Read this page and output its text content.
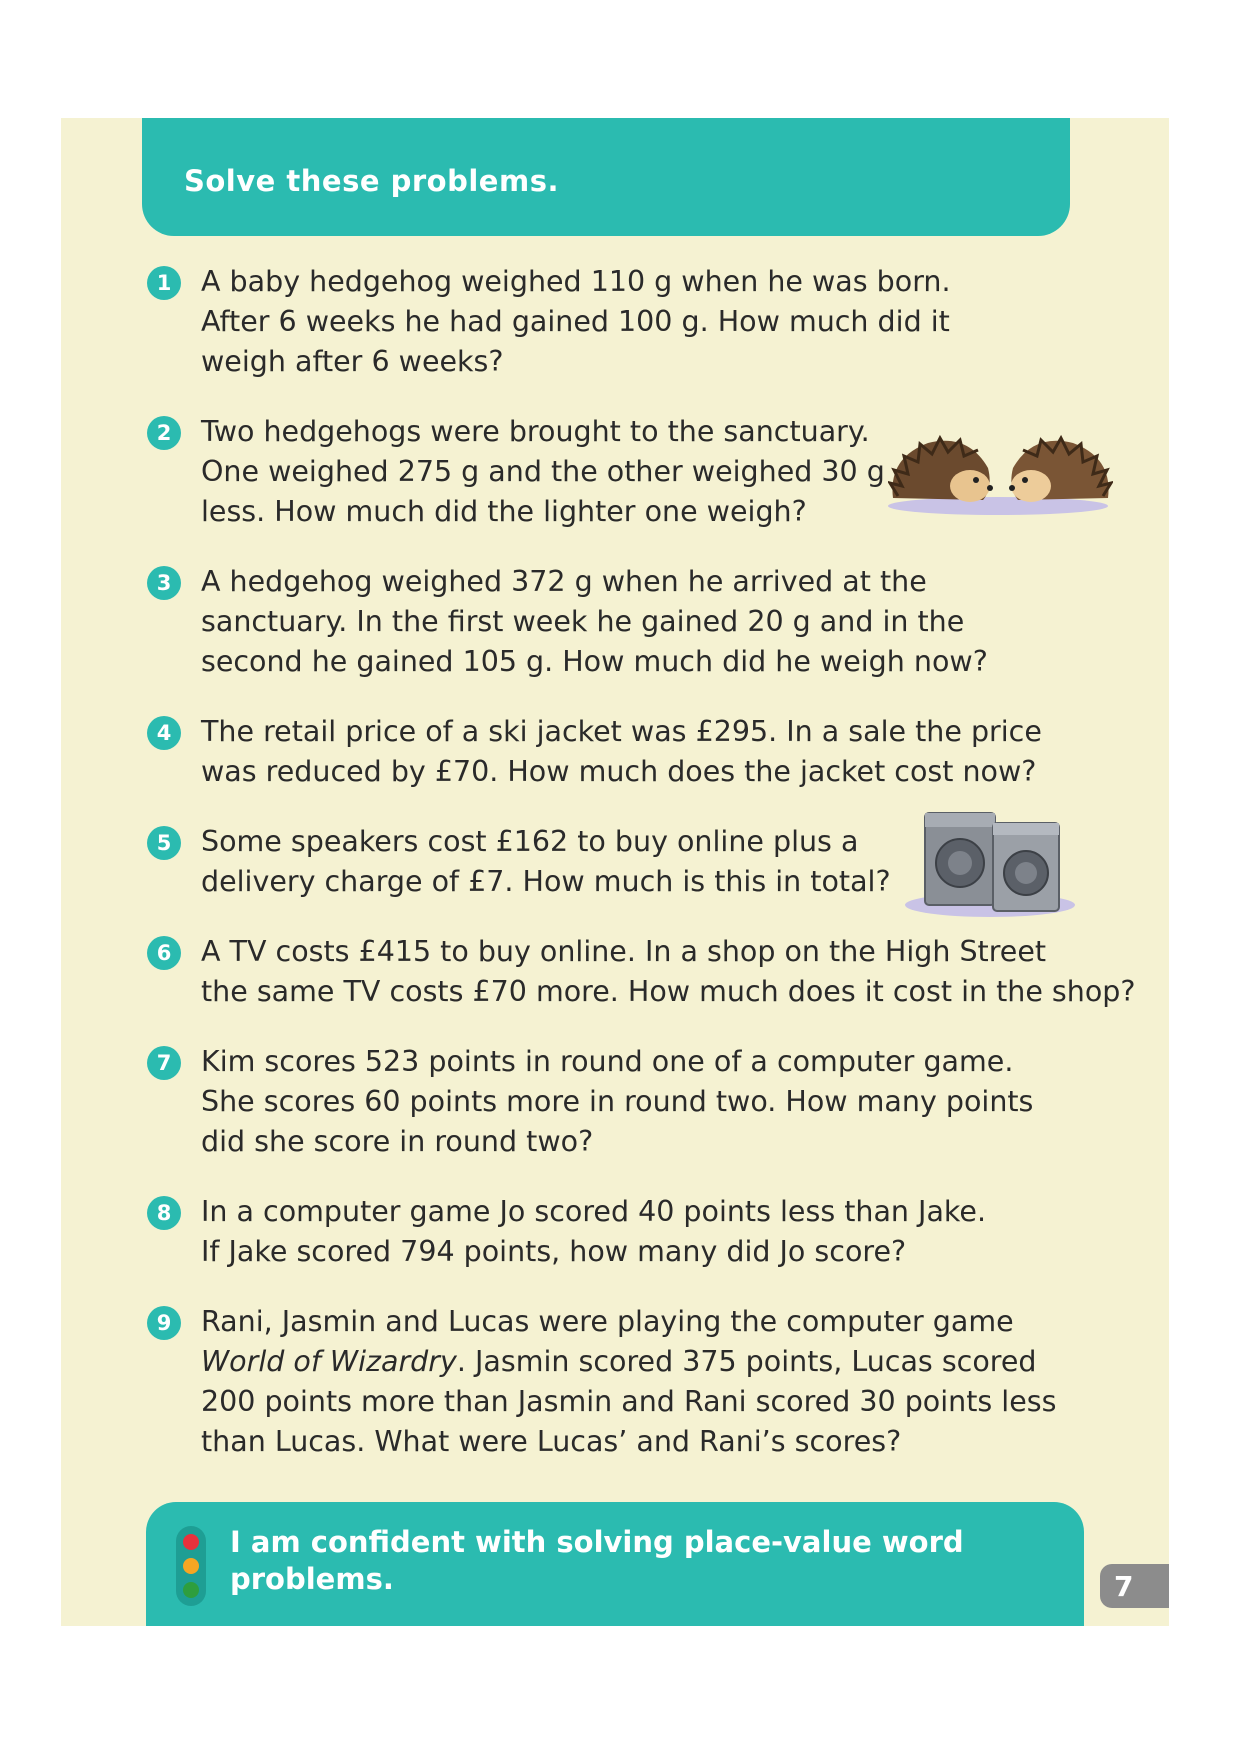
Solve these problems.
1	A baby hedgehog weighed 110 g when he was born.

After 6 weeks he had gained 100 g. How much did it

weigh after 6 weeks?

2	Two hedgehogs were brought to the sanctuary.

One weighed 275 g and the other weighed 30 g

less. How much did the lighter one weigh?

3	A hedgehog weighed 372 g when he arrived at the

sanctuary. In the first week he gained 20 g and in the

second he gained 105 g. How much did he weigh now?

4	The retail price of a ski jacket was £295. In a sale the price

was reduced by £70. How much does the jacket cost now?

5	Some speakers cost £162 to buy online plus a

delivery charge of £7. How much is this in total?

6	A TV costs £415 to buy online. In a shop on the High Street

the same TV costs £70 more. How much does it cost in the shop?

7	Kim scores 523 points in round one of a computer game.

She scores 60 points more in round two. How many points

did she score in round two?

8	In a computer game Jo scored 40 points less than Jake.

If Jake scored 794 points, how many did Jo score?

9	Rani, Jasmin and Lucas were playing the computer game

World of Wizardry. Jasmin scored 375 points, Lucas scored

200 points more than Jasmin and Rani scored 30 points less

than Lucas. What were Lucas’ and Rani’s scores?

I am confident with solving place-value word
problems.	7
